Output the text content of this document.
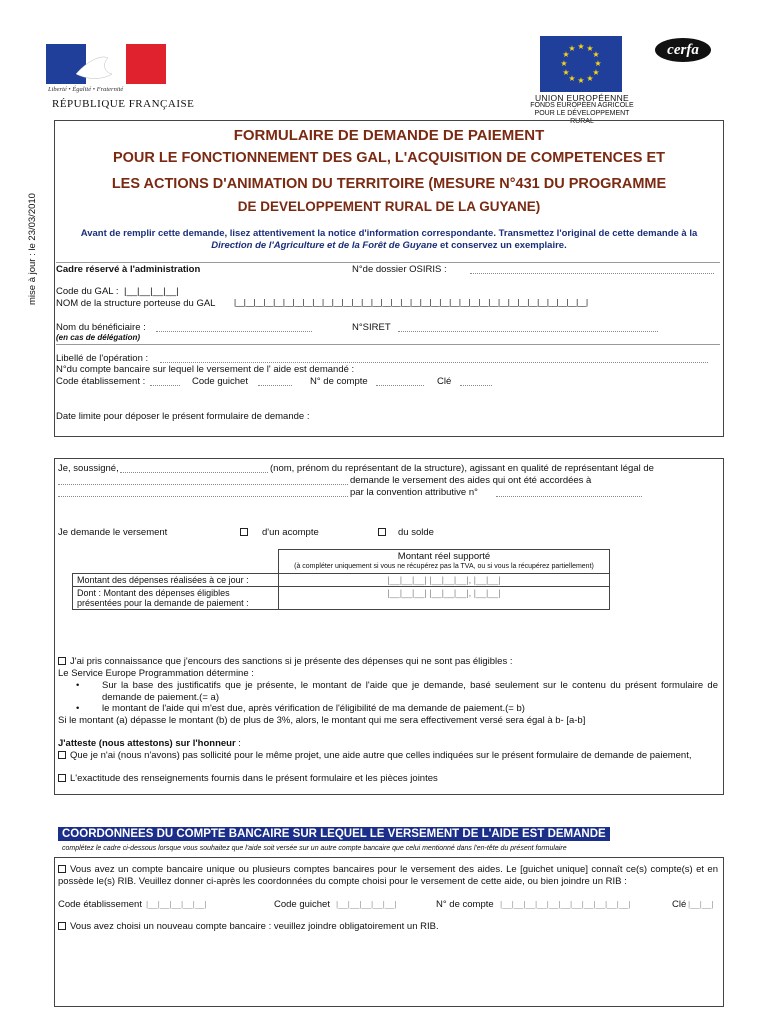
Liberté • Égalité • Fraternité
RÉPUBLIQUE FRANÇAISE
★ ★
★
★
★
★
★
★
★
★
★
★
UNION EUROPÉENNE
FONDS EUROPÉEN AGRICOLE
POUR LE DÉVELOPPEMENT RURAL
cerfa
mise à jour : le 23/03/2010
FORMULAIRE DE DEMANDE DE PAIEMENT
POUR LE FONCTIONNEMENT DES GAL, L'ACQUISITION DE COMPETENCES ET
LES ACTIONS D'ANIMATION DU TERRITOIRE (MESURE N°431 DU PROGRAMME
DE DEVELOPPEMENT RURAL DE LA GUYANE)
Avant de remplir cette demande, lisez attentivement la notice d'information correspondante. Transmettez l'original de cette demande à la Direction de l'Agriculture et de la Forêt de Guyane et conservez un exemplaire.
Cadre réservé à l'administration	N°de dossier OSIRIS :
Code du GAL : |__|__|__|__|
NOM de la structure porteuse du GAL |__|__|__|__|__|__|__|__|__|__|__|__|__|__|__|__|__|__|__|__|__|__|__|__|__|__|__|__|__|__|__|__|__|__|__|__|
Nom du bénéficiaire :	N°SIRET
(en cas de délégation)
Libellé de l'opération :
N°du compte bancaire sur lequel le versement de l' aide est demandé :
Code établissement :	Code guichet	N° de compte	Clé
Date limite pour déposer le présent formulaire de demande :
Je, soussigné,	(nom, prénom du représentant de la structure), agissant en qualité de représentant légal de
demande le versement des aides qui ont été accordées à
par la convention attributive n°
Je demande le versement	d'un acompte	du solde

	Montant réel supporté
(à compléter uniquement si vous ne récupérez pas la TVA, ou si vous la récupérez partiellement)

Montant des dépenses réalisées à ce jour :	|__|__|__| |__|__|__|, |__|__|
Dont : Montant des dépenses éligibles présentées pour la demande de paiement :	|__|__|__| |__|__|__|, |__|__|
J'ai pris connaissance que j'encours des sanctions si je présente des dépenses qui ne sont pas éligibles :
Le Service Europe Programmation détermine :
•	Sur la base des justificatifs que je présente, le montant de l'aide que je demande, basé seulement sur le contenu du présent formulaire de demande de paiement.(= a)
•	le montant de l'aide qui m'est due, après vérification de l'éligibilité de ma demande de paiement.(= b)
Si le montant (a) dépasse le montant (b) de plus de 3%, alors, le montant qui me sera effectivement versé sera égal à b- [a-b]
J'atteste (nous attestons) sur l'honneur :
Que je n'ai (nous n'avons) pas sollicité pour le même projet, une aide autre que celles indiquées sur le présent formulaire de demande de paiement,
L'exactitude des renseignements fournis dans le présent formulaire et les pièces jointes
COORDONNEES DU COMPTE BANCAIRE SUR LEQUEL LE VERSEMENT DE L'AIDE EST DEMANDE
complétez le cadre ci-dessous lorsque vous souhaitez que l'aide soit versée sur un autre compte bancaire que celui mentionné dans l'en-tête du présent formulaire
Vous avez un compte bancaire unique ou plusieurs comptes bancaires pour le versement des aides. Le [guichet unique] connaît ce(s) compte(s) et en possède le(s) RIB. Veuillez donner ci-après les coordonnées du compte choisi pour le versement de cette aide, ou bien joindre un RIB :
Code établissement |__|__|__|__|__|	Code guichet |__|__|__|__|__|	N° de compte |__|__|__|__|__|__|__|__|__|__|__|	Clé |__|__|
Vous avez choisi un nouveau compte bancaire : veuillez joindre obligatoirement un RIB.
